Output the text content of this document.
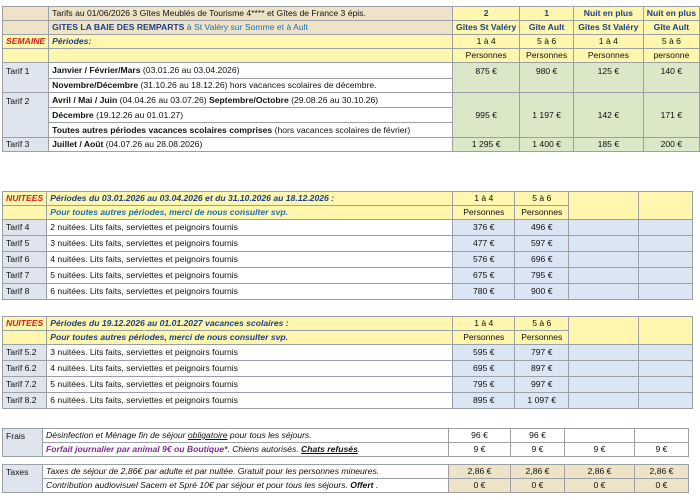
	Tarifs au 01/06/2026 3 Gîtes Meublés de Tourisme 4**** et Gîtes de France 3 épis.	2	1	Nuit en plus	Nuit en plus
	GITES LA BAIE DES REMPARTS à St Valéry sur Somme et à Ault	Gîtes St Valéry	Gîte Ault	Gîtes St Valéry	Gîte Ault
SEMAINE	Périodes:	1 à 4	5 à 6	1 à 4	5 à 6
		Personnes	Personnes	Personnes	personne
Tarif 1	Janvier / Février/Mars (03.01.26 au 03.04.2026)	875 €	980 €	125 €	140 €
	Novembre/Décembre (31.10.26 au 18.12.26) hors vacances scolaires de décembre.				
Tarif 2	Avril / Mai / Juin (04.04.26 au 03.07.26) Septembre/Octobre (29.08.26 au 30.10.26)	995 €	1 197 €	142 €	171 €
	Décembre (19.12.26 au 01.01.27)				
	Toutes autres périodes vacances scolaires comprises (hors vacances scolaires de février)				
Tarif 3	Juillet / Août (04.07.26 au 28.08.2026)	1 295 €	1 400 €	185 €	200 €
NUITEES	Périodes du 03.01.2026 au 03.04.2026 et du 31.10.2026 au 18.12.2026 :	1 à 4	5 à 6		
	Pour toutes autres périodes, merci de nous consulter svp.	Personnes	Personnes		
Tarif 4	2 nuitées. Lits faits, serviettes et peignoirs fournis	376 €	496 €		
Tarif 5	3 nuitées. Lits faits, serviettes et peignoirs fournis	477 €	597 €		
Tarif 6	4 nuitées. Lits faits, serviettes et peignoirs fournis	576 €	696 €		
Tarif 7	5 nuitées. Lits faits, serviettes et peignoirs fournis	675 €	795 €		
Tarif 8	6 nuitées. Lits faits, serviettes et peignoirs fournis	780 €	900 €		
NUITEES	Périodes du 19.12.2026 au 01.01.2027 vacances scolaires :	1 à 4	5 à 6		
	Pour toutes autres périodes, merci de nous consulter svp.	Personnes	Personnes		
Tarif 5.2	3 nuitées. Lits faits, serviettes et peignoirs fournis	595 €	797 €		
Tarif 6.2	4 nuitées. Lits faits, serviettes et peignoirs fournis	695 €	897 €		
Tarif 7.2	5 nuitées. Lits faits, serviettes et peignoirs fournis	795 €	997 €		
Tarif 8.2	6 nuitées. Lits faits, serviettes et peignoirs fournis	895 €	1 097 €		
Frais	Désinfection et Ménage fin de séjour obligatoire pour tous les séjours.	96 €	96 €		
	Forfait journalier par animal 9€ ou Boutique*. Chiens autorisés. Chats refusés.	9 €	9 €	9 €	9 €

Taxes	Taxes de séjour de 2,86€ par adulte et par nuitée. Gratuit pour les personnes mineures.	2,86 €	2,86 €	2,86 €	2,86 €
	Contribution audiovisuel Sacem et Spré 10€ par séjour et pour tous les séjours. Offert .	0 €	0 €	0 €	0 €
